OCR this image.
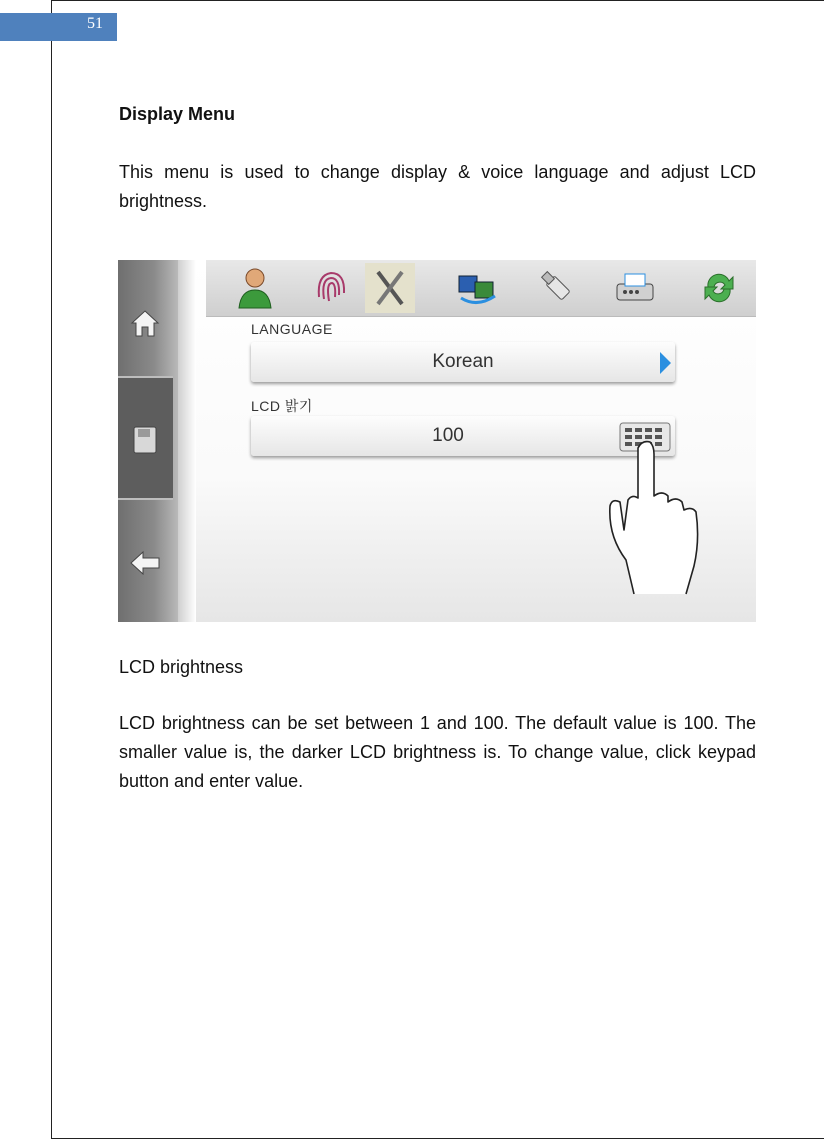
51
Display Menu

This menu is used to change display & voice language and adjust LCD brightness.

LANGUAGE
Korean
LCD 밝기
100
LCD brightness

LCD brightness can be set between 1 and 100. The default value is 100. The smaller value is, the darker LCD brightness is. To change value, click keypad button and enter value.
